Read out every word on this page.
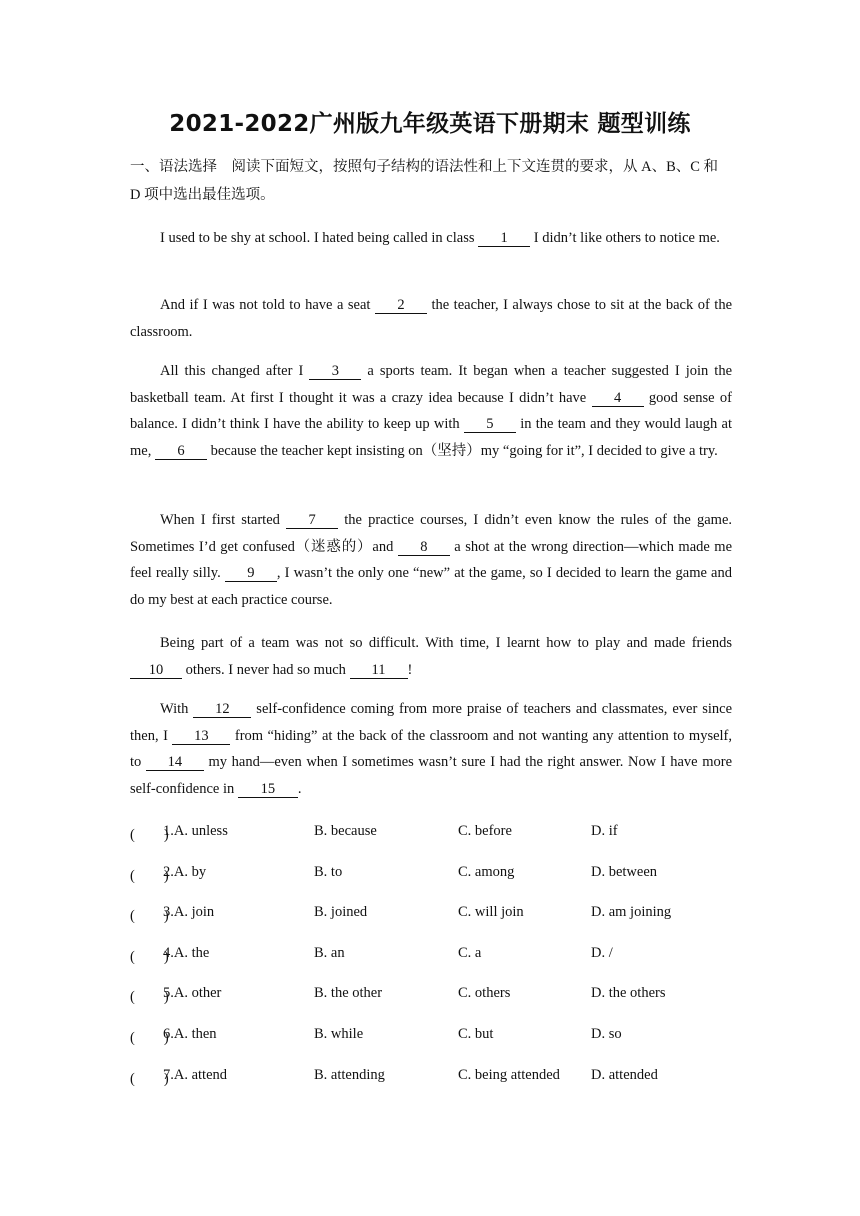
2021-2022广州版九年级英语下册期末 题型训练
一、语法选择　阅读下面短文，按照句子结构的语法性和上下文连贯的要求，从 A、B、C 和 D 项中选出最佳选项。
I used to be shy at school. I hated being called in class 1 I didn’t like others to notice me.
And if I was not told to have a seat 2 the teacher, I always chose to sit at the back of the classroom.
All this changed after I 3 a sports team. It began when a teacher suggested I join the basketball team. At first I thought it was a crazy idea because I didn’t have 4 good sense of balance. I didn’t think I have the ability to keep up with 5 in the team and they would laugh at me, 6 because the teacher kept insisting on（坚持）my “going for it”, I decided to give a try.
When I first started 7 the practice courses, I didn’t even know the rules of the game. Sometimes I’d get confused（迷惑的）and 8 a shot at the wrong direction—which made me feel really silly. 9 , I wasn’t the only one “new” at the game, so I decided to learn the game and do my best at each practice course.
Being part of a team was not so difficult. With time, I learnt how to play and made friends 10 others. I never had so much 11 !
With 12 self-confidence coming from more praise of teachers and classmates, ever since then, I 13 from “hiding” at the back of the classroom and not wanting any attention to myself, to 14 my hand—even when I sometimes wasn’t sure I had the right answer. Now I have more self-confidence in 15 .
(　　)
1.A. unless	B. because	C. before	D. if
(　　)
2.A. by	B. to	C. among	D. between
(　　)
3.A. join	B. joined	C. will join	D. am joining
(　　)
4.A. the	B. an	C. a	D. /
(　　)
5.A. other	B. the other	C. others	D. the others
(　　)
6.A. then	B. while	C. but	D. so
(　　)
7.A. attend	B. attending	C. being attended D. attended
